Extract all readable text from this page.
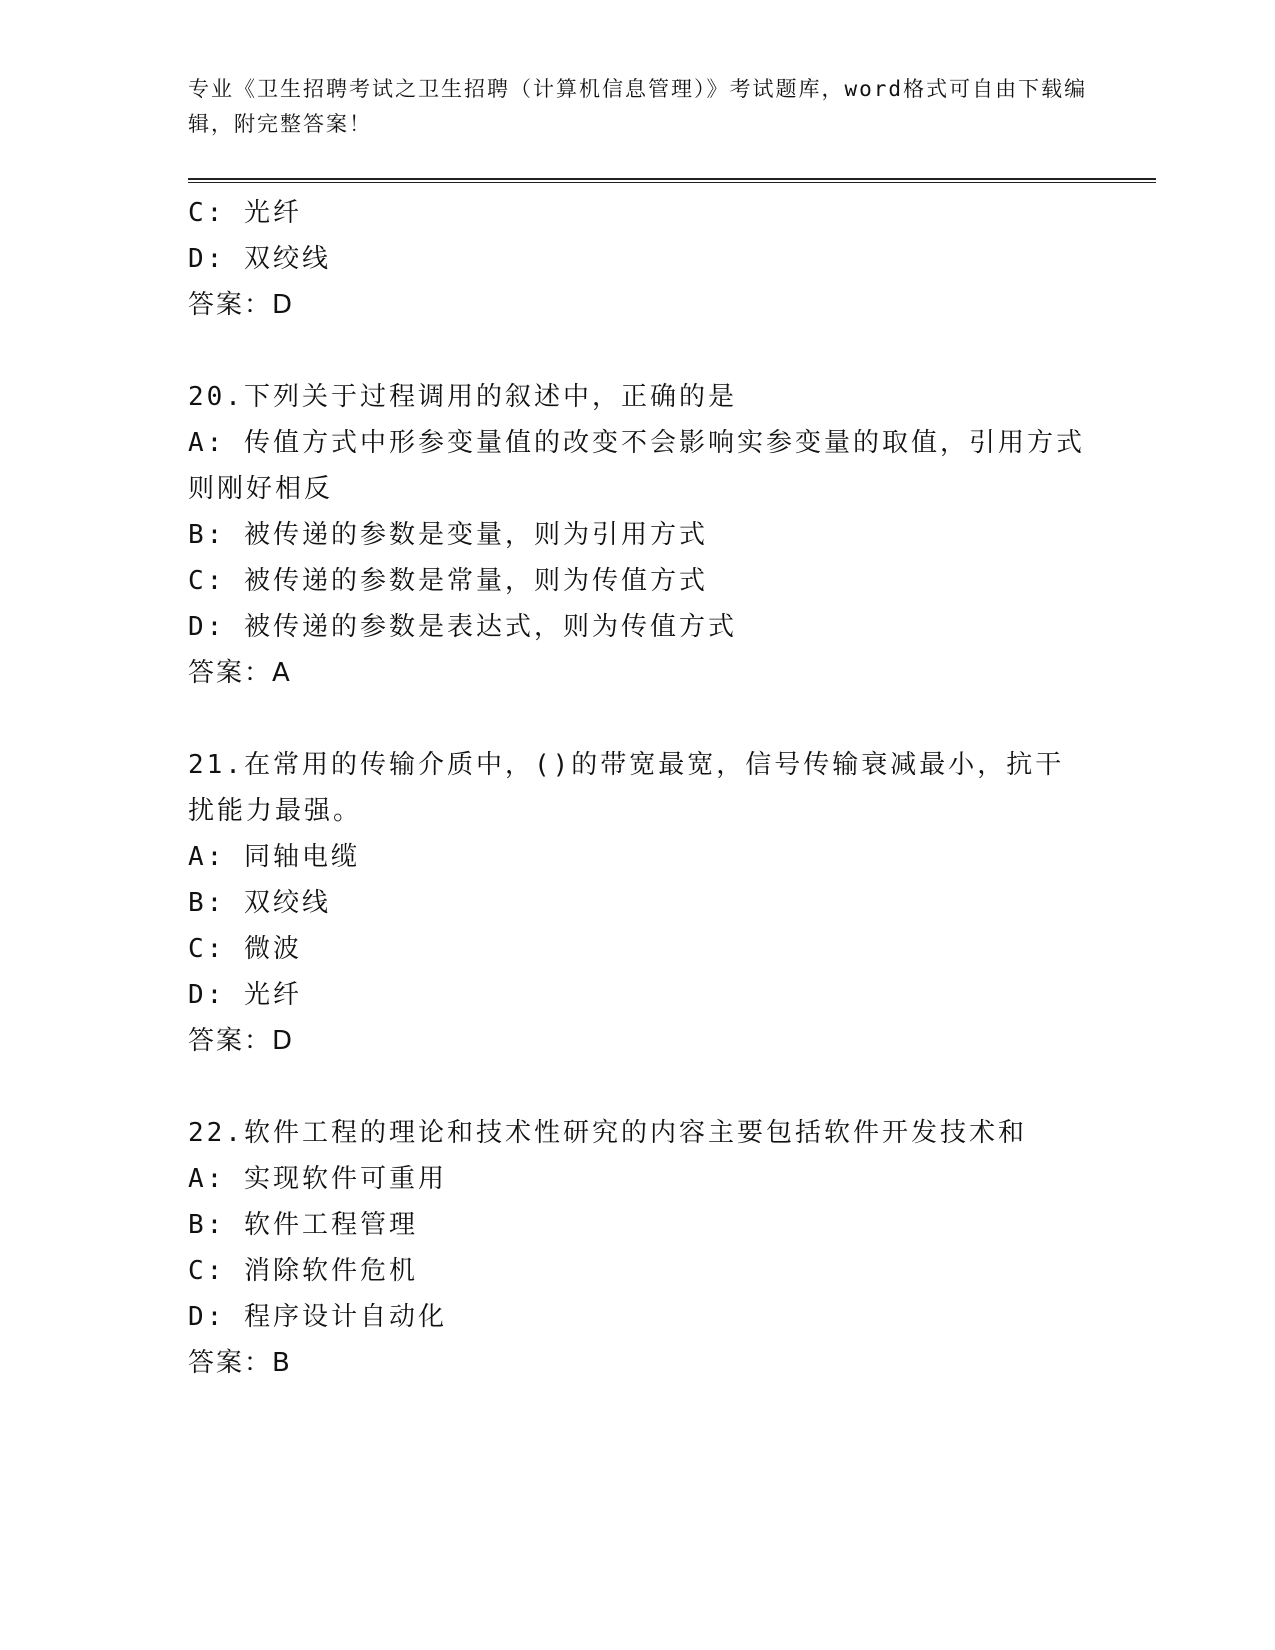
专业《卫生招聘考试之卫生招聘（计算机信息管理）》考试题库，word格式可自由下载编辑，附完整答案！
C: 光纤
D: 双绞线
答案：D
20.下列关于过程调用的叙述中，正确的是
A: 传值方式中形参变量值的改变不会影响实参变量的取值，引用方式则刚好相反
B: 被传递的参数是变量，则为引用方式
C: 被传递的参数是常量，则为传值方式
D: 被传递的参数是表达式，则为传值方式
答案：A
21.在常用的传输介质中，()的带宽最宽，信号传输衰减最小，抗干扰能力最强。
A: 同轴电缆
B: 双绞线
C: 微波
D: 光纤
答案：D
22.软件工程的理论和技术性研究的内容主要包括软件开发技术和
A: 实现软件可重用
B: 软件工程管理
C: 消除软件危机
D: 程序设计自动化
答案：B
